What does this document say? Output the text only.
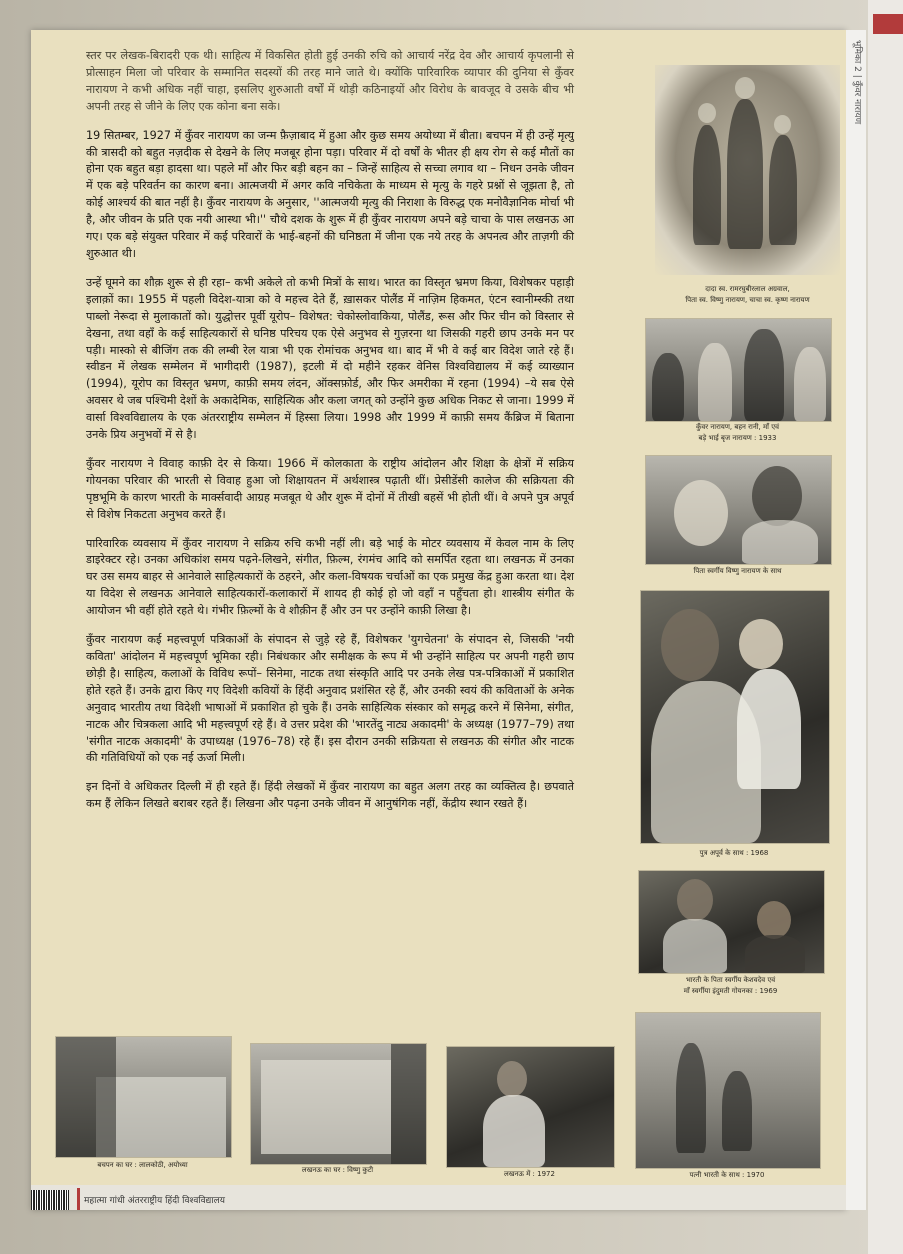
भूमिका 2 | कुँवर नारायण

स्तर पर लेखक-बिरादरी एक थी। साहित्य में विकसित होती हुई उनकी रुचि को आचार्य नरेंद्र देव और आचार्य कृपलानी से प्रोत्साहन मिला जो परिवार के सम्मानित सदस्यों की तरह माने जाते थे। क्योंकि पारिवारिक व्यापार की दुनिया से कुँवर नारायण ने कभी अधिक नहीं चाहा, इसलिए शुरुआती वर्षों में थोड़ी कठिनाइयों और विरोध के बावजूद वे उसके बीच भी अपनी तरह से जीने के लिए एक कोना बना सके।

19 सितम्बर, 1927 में कुँवर नारायण का जन्म फ़ैज़ाबाद में हुआ और कुछ समय अयोध्या में बीता। बचपन में ही उन्हें मृत्यु की त्रासदी को बहुत नज़दीक से देखने के लिए मजबूर होना पड़ा। परिवार में दो वर्षों के भीतर ही क्षय रोग से कई मौतों का होना एक बहुत बड़ा हादसा था। पहले माँ और फिर बड़ी बहन का – जिन्हें साहित्य से सच्चा लगाव था – निधन उनके जीवन में एक बड़े परिवर्तन का कारण बना। आत्मजयी में अगर कवि नचिकेता के माध्यम से मृत्यु के गहरे प्रश्नों से जूझता है, तो कोई आश्चर्य की बात नहीं है। कुँवर नारायण के अनुसार, ''आत्मजयी मृत्यु की निराशा के विरुद्ध एक मनोवैज्ञानिक मोर्चा भी है, और जीवन के प्रति एक नयी आस्था भी।'' चौथे दशक के शुरू में ही कुँवर नारायण अपने बड़े चाचा के पास लखनऊ आ गए। एक बड़े संयुक्त परिवार में कई परिवारों के भाई-बहनों की घनिष्ठता में जीना एक नये तरह के अपनत्व और ताज़गी की शुरुआत थी।

उन्हें घूमने का शौक़ शुरू से ही रहा– कभी अकेले तो कभी मित्रों के साथ। भारत का विस्तृत भ्रमण किया, विशेषकर पहाड़ी इलाक़ों का। 1955 में पहली विदेश-यात्रा को वे महत्त्व देते हैं, ख़ासकर पोलैंड में नाज़िम हिकमत, एंटन स्वानीम्स्की तथा पाब्लो नेरूदा से मुलाकातों को। युद्धोत्तर पूर्वी यूरोप– विशेषत: चेकोस्लोवाकिया, पोलैंड, रूस और फिर चीन को विस्तार से देखना, तथा वहाँ के कई साहित्यकारों से घनिष्ठ परिचय एक ऐसे अनुभव से गुज़रना था जिसकी गहरी छाप उनके मन पर पड़ी। मास्को से बीजिंग तक की लम्बी रेल यात्रा भी एक रोमांचक अनुभव था। बाद में भी वे कई बार विदेश जाते रहे हैं। स्वीडन में लेखक सम्मेलन में भागीदारी (1987), इटली में दो महीने रहकर वेनिस विश्वविद्यालय में कई व्याख्यान (1994), यूरोप का विस्तृत भ्रमण, काफ़ी समय लंदन, ऑक्सफ़ोर्ड, और फिर अमरीका में रहना (1994) –ये सब ऐसे अवसर थे जब पश्चिमी देशों के अकादेमिक, साहित्यिक और कला जगत् को उन्होंने कुछ अधिक निकट से जाना। 1999 में वार्सा विश्वविद्यालय के एक अंतरराष्ट्रीय सम्मेलन में हिस्सा लिया। 1998 और 1999 में काफ़ी समय कैंब्रिज में बिताना उनके प्रिय अनुभवों में से है।

कुँवर नारायण ने विवाह काफ़ी देर से किया। 1966 में कोलकाता के राष्ट्रीय आंदोलन और शिक्षा के क्षेत्रों में सक्रिय गोयनका परिवार की भारती से विवाह हुआ जो शिक्षायतन में अर्थशास्त्र पढ़ाती थीं। प्रेसीडेंसी कालेज की सक्रियता की पृष्ठभूमि के कारण भारती के मार्क्सवादी आग्रह मजबूत थे और शुरू में दोनों में तीखी बहसें भी होती थीं। वे अपने पुत्र अपूर्व से विशेष निकटता अनुभव करते हैं।

पारिवारिक व्यवसाय में कुँवर नारायण ने सक्रिय रुचि कभी नहीं ली। बड़े भाई के मोटर व्यवसाय में केवल नाम के लिए डाइरेक्टर रहे। उनका अधिकांश समय पढ़ने-लिखने, संगीत, फ़िल्म, रंगमंच आदि को समर्पित रहता था। लखनऊ में उनका घर उस समय बाहर से आनेवाले साहित्यकारों के ठहरने, और कला-विषयक चर्चाओं का एक प्रमुख केंद्र हुआ करता था। देश या विदेश से लखनऊ आनेवाले साहित्यकारों-कलाकारों में शायद ही कोई हो जो वहाँ न पहुँचता हो। शास्त्रीय संगीत के आयोजन भी वहीं होते रहते थे। गंभीर फ़िल्मों के वे शौक़ीन हैं और उन पर उन्होंने काफ़ी लिखा है।

कुँवर नारायण कई महत्त्वपूर्ण पत्रिकाओं के संपादन से जुड़े रहे हैं, विशेषकर 'युगचेतना' के संपादन से, जिसकी 'नयी कविता' आंदोलन में महत्त्वपूर्ण भूमिका रही। निबंधकार और समीक्षक के रूप में भी उन्होंने साहित्य पर अपनी गहरी छाप छोड़ी है। साहित्य, कलाओं के विविध रूपों– सिनेमा, नाटक तथा संस्कृति आदि पर उनके लेख पत्र-पत्रिकाओं में प्रकाशित होते रहते हैं। उनके द्वारा किए गए विदेशी कवियों के हिंदी अनुवाद प्रशंसित रहे हैं, और उनकी स्वयं की कविताओं के अनेक अनुवाद भारतीय तथा विदेशी भाषाओं में प्रकाशित हो चुके हैं। उनके साहित्यिक संस्कार को समृद्ध करने में सिनेमा, संगीत, नाटक और चित्रकला आदि भी महत्त्वपूर्ण रहे हैं। वे उत्तर प्रदेश की 'भारतेंदु नाट्य अकादमी' के अध्यक्ष (1977–79) तथा 'संगीत नाटक अकादमी' के उपाध्यक्ष (1976–78) रहे हैं। इस दौरान उनकी सक्रियता से लखनऊ की संगीत और नाटक की गतिविधियों को एक नई ऊर्जा मिली।

इन दिनों वे अधिकतर दिल्ली में ही रहते हैं। हिंदी लेखकों में कुँवर नारायण का बहुत अलग तरह का व्यक्तित्व है। छपवाते कम हैं लेकिन लिखते बराबर रहते हैं। लिखना और पढ़ना उनके जीवन में आनुषंगिक नहीं, केंद्रीय स्थान रखते हैं।

दादा स्व. रामरघुबीरलाल अग्रवाल,
पिता स्व. विष्णु नारायण, चाचा स्व. कृष्ण नारायण
कुँवर नारायण, बहन रानी, माँ एवं
बड़े भाई बृज नारायण : 1933
पिता स्वर्गीय विष्णु नारायण के साथ
पुत्र अपूर्व के साथ : 1968
भारती के पिता स्वर्गीय केशवदेव एवं
माँ स्वर्गीया इंदुमती गोयनका : 1969
बचपन का घर : लालकोठी, अयोध्या
लखनऊ का घर : विष्णु कुटी	लखनऊ में : 1972	पत्नी भारती के साथ : 1970
महात्मा गांधी अंतरराष्ट्रीय हिंदी विश्वविद्यालय
